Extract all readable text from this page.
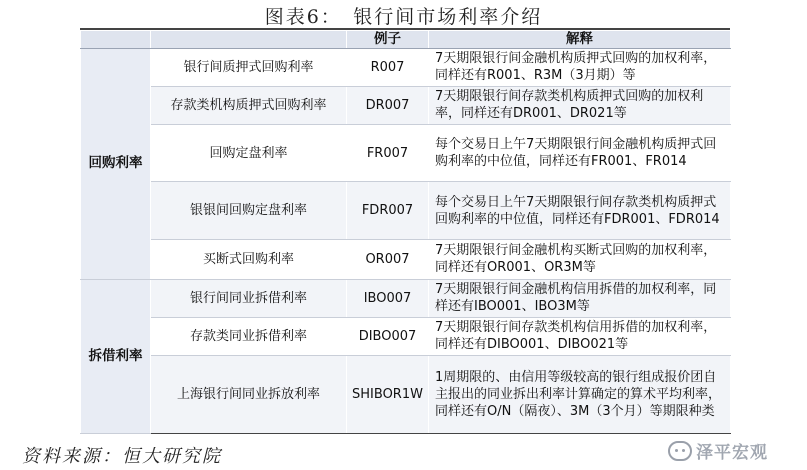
图表6：　银行间市场利率介绍
		例子	解释
回购利率	银行间质押式回购利率	R007	7天期限银行间金融机构质押式回购的加权利率，同样还有R001、R3M（3月期）等
	存款类机构质押式回购利率	DR007	7天期限银行间存款类机构质押式回购的加权利率，同样还有DR001、DR021等
	回购定盘利率	FR007	每个交易日上午7天期限银行间金融机构质押式回购利率的中位值，同样还有FR001、FR014
	银银间回购定盘利率	FDR007	每个交易日上午7天期限银行间存款类机构质押式回购利率的中位值，同样还有FDR001、FDR014
	买断式回购利率	OR007	7天期限银行间金融机构买断式回购的加权利率，同样还有OR001、OR3M等
拆借利率	银行间同业拆借利率	IBO007	7天期限银行间金融机构信用拆借的加权利率，同样还有IBO001、IBO3M等
	存款类同业拆借利率	DIBO007	7天期限银行间存款类机构信用拆借的加权利率，同样还有DIBO001、DIBO021等
	上海银行间同业拆放利率	SHIBOR1W	1周期限的、由信用等级较高的银行组成报价团自主报出的同业拆出利率计算确定的算术平均利率，同样还有O/N（隔夜）、3M（3个月）等期限种类
资料来源：恒大研究院	泽平宏观
